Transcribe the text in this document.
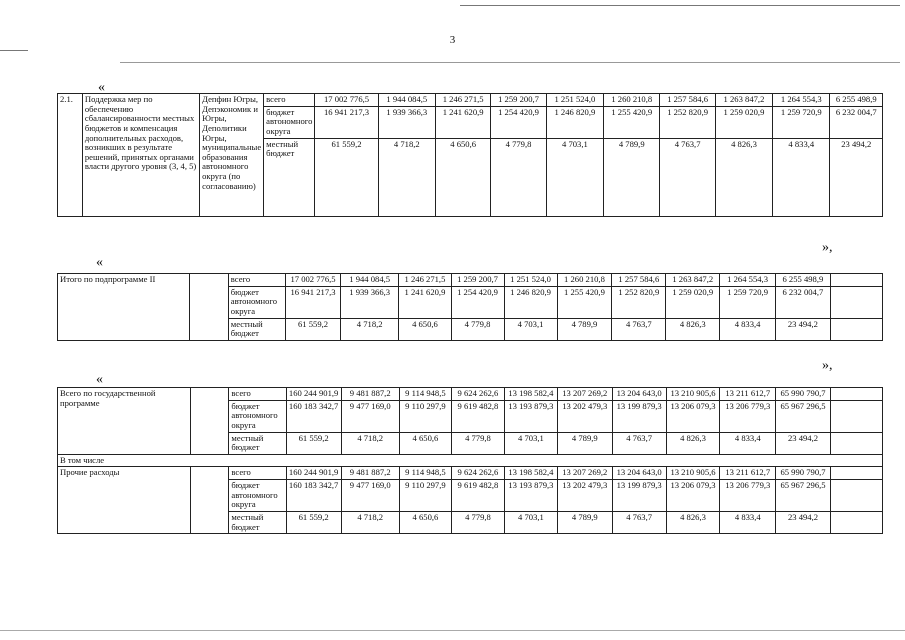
3
«
2.1.	Поддержка мер по обеспечению сбалансированности местных бюджетов и компенсация дополнительных расходов, возникших в результате решений, принятых органами власти другого уровня (3, 4, 5)	Депфин Югры, Депэкономик и Югры, Деполитики Югры, муниципальные образования автономного округа (по согласованию)	всего	17 002 776,5	1 944 084,5	1 246 271,5	1 259 200,7	1 251 524,0	1 260 210,8	1 257 584,6	1 263 847,2	1 264 554,3	6 255 498,9
			бюджет автономного округа	16 941 217,3	1 939 366,3	1 241 620,9	1 254 420,9	1 246 820,9	1 255 420,9	1 252 820,9	1 259 020,9	1 259 720,9	6 232 004,7
			местный бюджет	61 559,2	4 718,2	4 650,6	4 779,8	4 703,1	4 789,9	4 763,7	4 826,3	4 833,4	23 494,2
»,
«
Итого по подпрограмме II		всего	17 002 776,5	1 944 084,5	1 246 271,5	1 259 200,7	1 251 524,0	1 260 210,8	1 257 584,6	1 263 847,2	1 264 554,3	6 255 498,9	
		бюджет автономного округа	16 941 217,3	1 939 366,3	1 241 620,9	1 254 420,9	1 246 820,9	1 255 420,9	1 252 820,9	1 259 020,9	1 259 720,9	6 232 004,7	
		местный бюджет	61 559,2	4 718,2	4 650,6	4 779,8	4 703,1	4 789,9	4 763,7	4 826,3	4 833,4	23 494,2	
»,
«
Всего по государственной программе		всего	160 244 901,9	9 481 887,2	9 114 948,5	9 624 262,6	13 198 582,4	13 207 269,2	13 204 643,0	13 210 905,6	13 211 612,7	65 990 790,7	
		бюджет автономного округа	160 183 342,7	9 477 169,0	9 110 297,9	9 619 482,8	13 193 879,3	13 202 479,3	13 199 879,3	13 206 079,3	13 206 779,3	65 967 296,5	
		местный бюджет	61 559,2	4 718,2	4 650,6	4 779,8	4 703,1	4 789,9	4 763,7	4 826,3	4 833,4	23 494,2	
В том числе													
Прочие расходы		всего	160 244 901,9	9 481 887,2	9 114 948,5	9 624 262,6	13 198 582,4	13 207 269,2	13 204 643,0	13 210 905,6	13 211 612,7	65 990 790,7	
		бюджет автономного округа	160 183 342,7	9 477 169,0	9 110 297,9	9 619 482,8	13 193 879,3	13 202 479,3	13 199 879,3	13 206 079,3	13 206 779,3	65 967 296,5	
		местный бюджет	61 559,2	4 718,2	4 650,6	4 779,8	4 703,1	4 789,9	4 763,7	4 826,3	4 833,4	23 494,2	
